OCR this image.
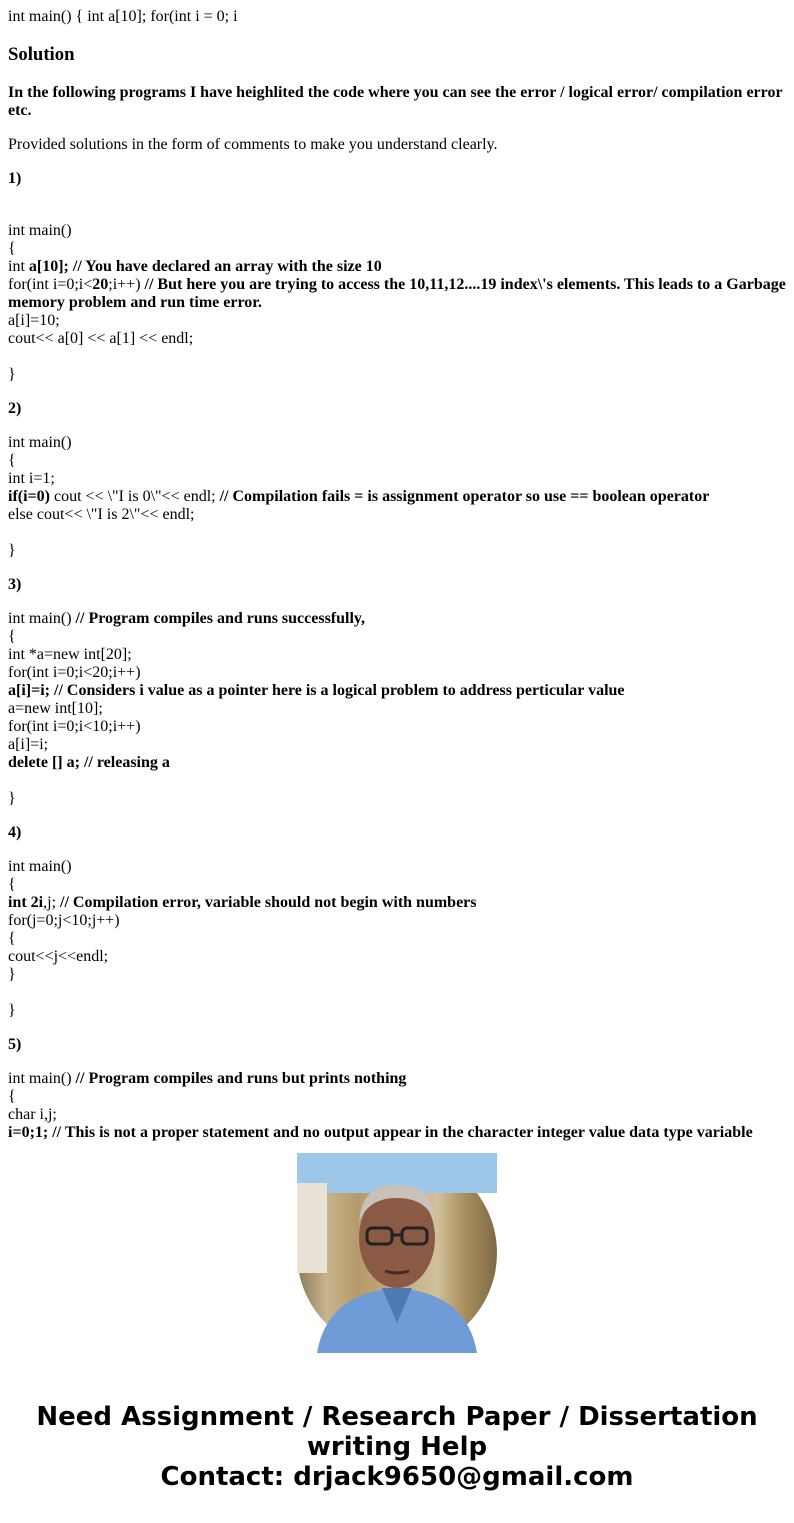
int main() { int a[10]; for(int i = 0; i

Solution

In the following programs I have heighlited the code where you can see the error / logical error/ compilation error etc.

Provided solutions in the form of comments to make you understand clearly.

1)

int main()
{
int a[10]; // You have declared an array with the size 10
for(int i=0;i<20;i++) // But here you are trying to access the 10,11,12....19 index\'s elements. This leads to a Garbage memory problem and run time error.
a[i]=10;
cout<< a[0] << a[1] << endl;

}

2)

int main()
{
int i=1;
if(i=0) cout << \"I is 0\"<< endl; // Compilation fails = is assignment operator so use == boolean operator
else cout<< \"I is 2\"<< endl;

}

3)

int main() // Program compiles and runs successfully,
{
int *a=new int[20];
for(int i=0;i<20;i++)
a[i]=i; // Considers i value as a pointer here is a logical problem to address perticular value
a=new int[10];
for(int i=0;i<10;i++)
a[i]=i;
delete [] a; // releasing a

}

4)

int main()
{
int 2i,j; // Compilation error, variable should not begin with numbers
for(j=0;j<10;j++)
{
cout<<j<<endl;
}

}

5)

int main() // Program compiles and runs but prints nothing
{
char i,j;
i=0;1; // This is not a proper statement and no output appear in the character integer value data type variable

Need Assignment / Research Paper / Dissertation
writing Help
Contact: drjack9650@gmail.com
